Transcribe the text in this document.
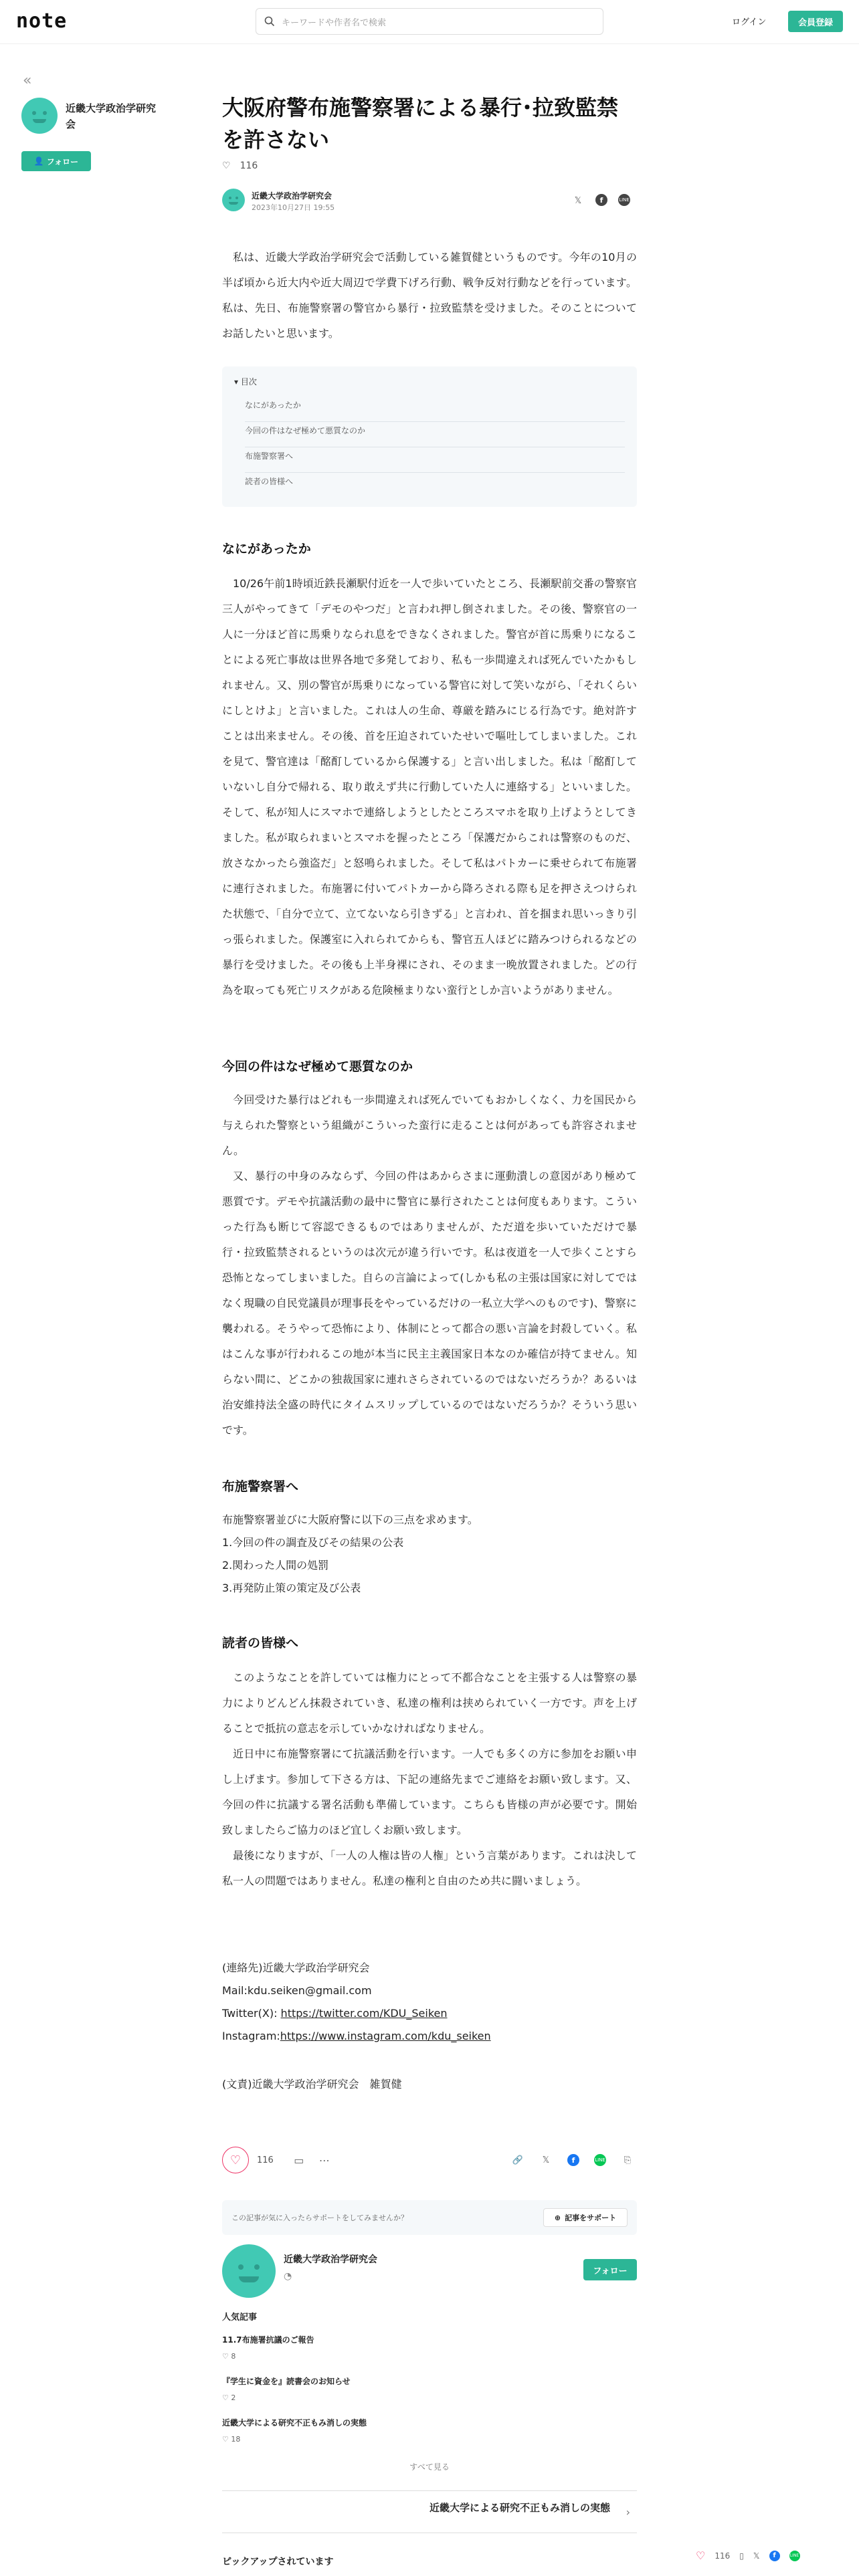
note	キーワードや作者名で検索	ログイン	会員登録
«
近畿大学政治学研究会
👤 フォロー
大阪府警布施警察署による暴行･拉致監禁を許さない
♡ 116
近畿大学政治学研究会
2023年10月27日 19:55
𝕏	f	LINE

私は、近畿大学政治学研究会で活動している雑賀健というものです。今年の10月の半ば頃から近大内や近大周辺で学費下げろ行動、戦争反対行動などを行っています。私は、先日、布施警察署の警官から暴行・拉致監禁を受けました。そのことについてお話したいと思います。

▾ 目次
なにがあったか
今回の件はなぜ極めて悪質なのか
布施警察署へ
読者の皆様へ
なにがあったか

10/26午前1時頃近鉄長瀬駅付近を一人で歩いていたところ、長瀬駅前交番の警察官三人がやってきて「デモのやつだ」と言われ押し倒されました。その後、警察官の一人に一分ほど首に馬乗りなられ息をできなくされました。警官が首に馬乗りになることによる死亡事故は世界各地で多発しており、私も一歩間違えれば死んでいたかもしれません。又、別の警官が馬乗りになっている警官に対して笑いながら、「それくらいにしとけよ」と言いました。これは人の生命、尊厳を踏みにじる行為です。絶対許すことは出来ません。その後、首を圧迫されていたせいで嘔吐してしまいました。これを見て、警官達は「酩酊しているから保護する」と言い出しました。私は「酩酊していないし自分で帰れる、取り敢えず共に行動していた人に連絡する」といいました。そして、私が知人にスマホで連絡しようとしたところスマホを取り上げようとしてきました。私が取られまいとスマホを握ったところ「保護だからこれは警察のものだ、放さなかったら強盗だ」と怒鳴られました。そして私はパトカーに乗せられて布施署に連行されました。布施署に付いてパトカーから降ろされる際も足を押さえつけられた状態で、「自分で立て、立てないなら引きずる」と言われ、首を掴まれ思いっきり引っ張られました。保護室に入れられてからも、警官五人ほどに踏みつけられるなどの暴行を受けました。その後も上半身裸にされ、そのまま一晩放置されました。どの行為を取っても死亡リスクがある危険極まりない蛮行としか言いようがありません。

今回の件はなぜ極めて悪質なのか

今回受けた暴行はどれも一歩間違えれば死んでいてもおかしくなく、力を国民から与えられた警察という組織がこういった蛮行に走ることは何があっても許容されません。

又、暴行の中身のみならず、今回の件はあからさまに運動潰しの意図があり極めて悪質です。デモや抗議活動の最中に警官に暴行されたことは何度もあります。こういった行為も断じて容認できるものではありませんが、ただ道を歩いていただけで暴行・拉致監禁されるというのは次元が違う行いです。私は夜道を一人で歩くことすら恐怖となってしまいました。自らの言論によって(しかも私の主張は国家に対してではなく現職の自民党議員が理事長をやっているだけの一私立大学へのものです)、警察に襲われる。そうやって恐怖により、体制にとって都合の悪い言論を封殺していく。私はこんな事が行われるこの地が本当に民主主義国家日本なのか確信が持てません。知らない間に、どこかの独裁国家に連れさらされているのではないだろうか？あるいは治安維持法全盛の時代にタイムスリップしているのではないだろうか？そういう思いです。

布施警察署へ

布施警察署並びに大阪府警に以下の三点を求めます。

1.今回の件の調査及びその結果の公表

2.関わった人間の処罰

3.再発防止策の策定及び公表

読者の皆様へ

このようなことを許していては権力にとって不都合なことを主張する人は警察の暴力によりどんどん抹殺されていき、私達の権利は挟められていく一方です。声を上げることで抵抗の意志を示していかなければなりません。

近日中に布施警察署にて抗議活動を行います。一人でも多くの方に参加をお願い申し上げます。参加して下さる方は、下記の連絡先までご連絡をお願い致します。又、今回の件に抗議する署名活動も準備しています。こちらも皆様の声が必要です。開始致しましたらご協力のほど宜しくお願い致します。

最後になりますが、「一人の人権は皆の人権」という言葉があります。これは決して私一人の問題ではありません。私達の権利と自由のため共に闘いましょう。

(連絡先)近畿大学政治学研究会

Mail:kdu.seiken@gmail.com

Twitter(X): https://twitter.com/KDU_Seiken

Instagram:https://www.instagram.com/kdu_seiken

(文責)近畿大学政治学研究会　雑賀健

♡	116 ▭ ⋯	🔗	𝕏	f	LINE	⎘
この記事が気に入ったらサポートをしてみませんか？	⊕ 記事をサポート
近畿大学政治学研究会
◔	フォロー
人気記事
11.7布施署抗議のご報告
♡ 8
『学生に資金を』読書会のお知らせ
♡ 2
近畿大学による研究不正もみ消しの実態
♡ 18
すべて見る
近畿大学による研究不正もみ消しの実態 ›
ピックアップされています	♡ 116 ▯ 𝕏	f	LINE
